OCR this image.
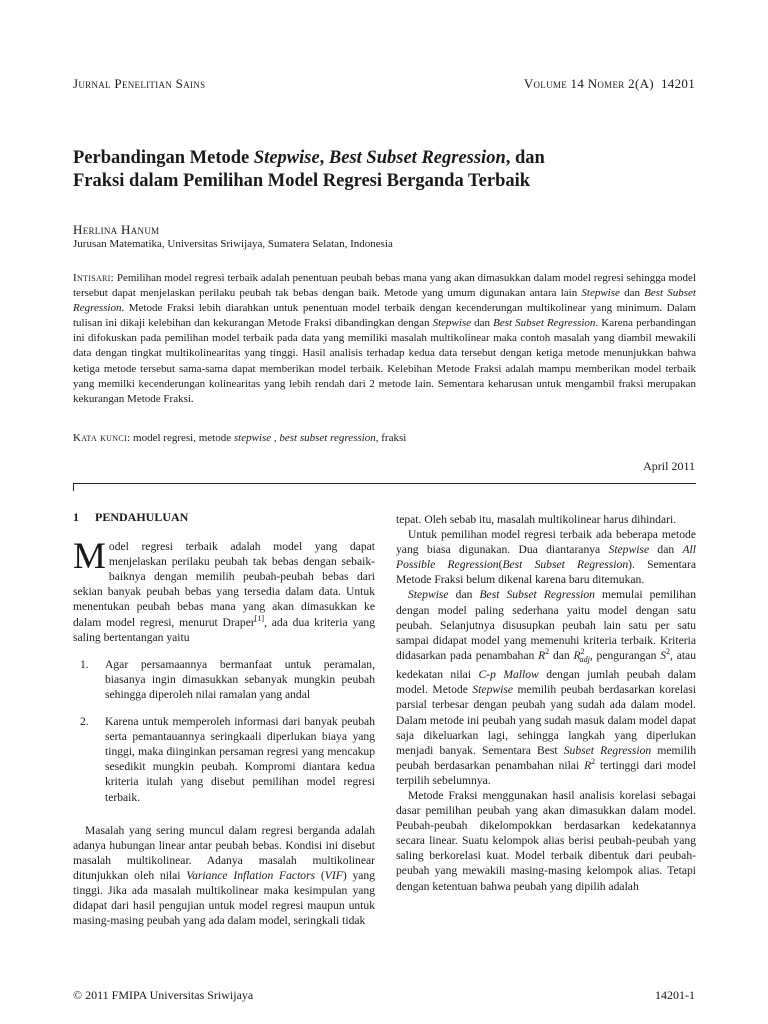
Jurnal Penelitian Sains	Volume 14 Nomer 2(A) 14201
Perbandingan Metode Stepwise, Best Subset Regression, dan
Fraksi dalam Pemilihan Model Regresi Berganda Terbaik
Herlina Hanum
Jurusan Matematika, Universitas Sriwijaya, Sumatera Selatan, Indonesia
Intisari: Pemilihan model regresi terbaik adalah penentuan peubah bebas mana yang akan dimasukkan dalam model regresi sehingga model tersebut dapat menjelaskan perilaku peubah tak bebas dengan baik. Metode yang umum digunakan antara lain Stepwise dan Best Subset Regression. Metode Fraksi lebih diarahkan untuk penentuan model terbaik dengan kecenderungan multikolinear yang minimum. Dalam tulisan ini dikaji kelebihan dan kekurangan Metode Fraksi dibandingkan dengan Stepwise dan Best Subset Regression. Karena perbandingan ini difokuskan pada pemilihan model terbaik pada data yang memiliki masalah multikolinear maka contoh masalah yang diambil mewakili data dengan tingkat multikolinearitas yang tinggi. Hasil analisis terhadap kedua data tersebut dengan ketiga metode menunjukkan bahwa ketiga metode tersebut sama-sama dapat memberikan model terbaik. Kelebihan Metode Fraksi adalah mampu memberikan model terbaik yang memilki kecenderungan kolinearitas yang lebih rendah dari 2 metode lain. Sementara keharusan untuk mengambil fraksi merupakan kekurangan Metode Fraksi.
Kata kunci: model regresi, metode stepwise , best subset regression, fraksi
April 2011
1 PENDAHULUAN

Model regresi terbaik adalah model yang dapat menjelaskan perilaku peubah tak bebas dengan sebaik-baiknya dengan memilih peubah-peubah bebas dari sekian banyak peubah bebas yang tersedia dalam data. Untuk menentukan peubah bebas mana yang akan dimasukkan ke dalam model regresi, menurut Draper[1], ada dua kriteria yang saling bertentangan yaitu

1. Agar persamaannya bermanfaat untuk peramalan, biasanya ingin dimasukkan sebanyak mungkin peubah sehingga diperoleh nilai ramalan yang andal
2. Karena untuk memperoleh informasi dari banyak peubah serta pemantauannya seringkaali diperlukan biaya yang tinggi, maka diinginkan persaman regresi yang mencakup sesedikit mungkin peubah. Kompromi diantara kedua kriteria itulah yang disebut pemilihan model regresi terbaik.

Masalah yang sering muncul dalam regresi berganda adalah adanya hubungan linear antar peubah bebas. Kondisi ini disebut masalah multikolinear. Adanya masalah multikolinear ditunjukkan oleh nilai Variance Inflation Factors (VIF) yang tinggi. Jika ada masalah multikolinear maka kesimpulan yang didapat dari hasil pengujian untuk model regresi maupun untuk masing-masing peubah yang ada dalam model, seringkali tidak

tepat. Oleh sebab itu, masalah multikolinear harus dihindari.

Untuk pemilihan model regresi terbaik ada beberapa metode yang biasa digunakan. Dua diantaranya Stepwise dan All Possible Regression(Best Subset Regression). Sementara Metode Fraksi belum dikenal karena baru ditemukan.

Stepwise dan Best Subset Regression memulai pemilihan dengan model paling sederhana yaitu model dengan satu peubah. Selanjutnya disusupkan peubah lain satu per satu sampai didapat model yang memenuhi kriteria terbaik. Kriteria didasarkan pada penambahan $R^2$ dan $R^2_{adj}$, pengurangan $S^2$, atau kedekatan nilai C-p Mallow dengan jumlah peubah dalam model. Metode Stepwise memilih peubah berdasarkan korelasi parsial terbesar dengan peubah yang sudah ada dalam model. Dalam metode ini peubah yang sudah masuk dalam model dapat saja dikeluarkan lagi, sehingga langkah yang diperlukan menjadi banyak. Sementara Best Subset Regression memilih peubah berdasarkan penambahan nilai $R^2$ tertinggi dari model terpilih sebelumnya.

Metode Fraksi menggunakan hasil analisis korelasi sebagai dasar pemilihan peubah yang akan dimasukkan dalam model. Peubah-peubah dikelompokkan berdasarkan kedekatannya secara linear. Suatu kelompok alias berisi peubah-peubah yang saling berkorelasi kuat. Model terbaik dibentuk dari peubah-peubah yang mewakili masing-masing kelompok alias. Tetapi dengan ketentuan bahwa peubah yang dipilih adalah

© 2011 FMIPA Universitas Sriwijaya	14201-1
